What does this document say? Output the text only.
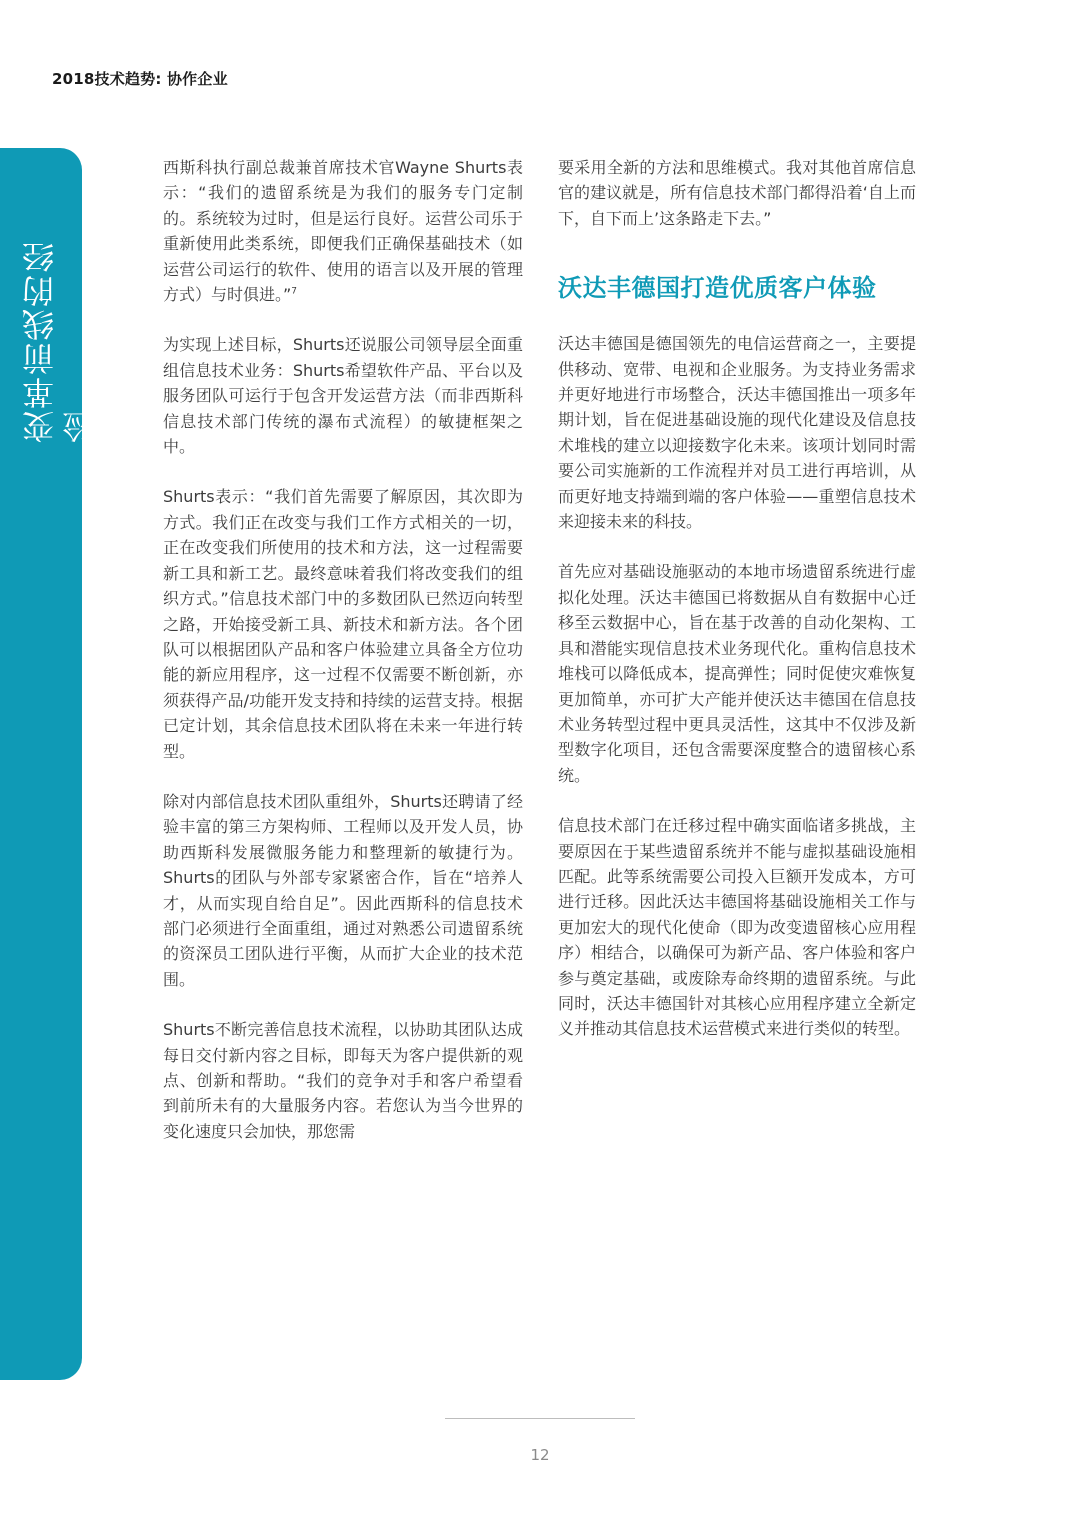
2018技术趋势: 协作企业
变革前线的经验

西斯科执行副总裁兼首席技术官Wayne Shurts表示：“我们的遗留系统是为我们的服务专门定制的。系统较为过时，但是运行良好。运营公司乐于重新使用此类系统，即便我们正确保基础技术（如运营公司运行的软件、使用的语言以及开展的管理方式）与时俱进。”$^7$

为实现上述目标，Shurts还说服公司领导层全面重组信息技术业务：Shurts希望软件产品、平台以及服务团队可运行于包含开发运营方法（而非西斯科信息技术部门传统的瀑布式流程）的敏捷框架之中。

Shurts表示：“我们首先需要了解原因，其次即为方式。我们正在改变与我们工作方式相关的一切，正在改变我们所使用的技术和方法，这一过程需要新工具和新工艺。最终意味着我们将改变我们的组织方式。”信息技术部门中的多数团队已然迈向转型之路，开始接受新工具、新技术和新方法。各个团队可以根据团队产品和客户体验建立具备全方位功能的新应用程序，这一过程不仅需要不断创新，亦须获得产品/功能开发支持和持续的运营支持。根据已定计划，其余信息技术团队将在未来一年进行转型。

除对内部信息技术团队重组外，Shurts还聘请了经验丰富的第三方架构师、工程师以及开发人员，协助西斯科发展微服务能力和整理新的敏捷行为。Shurts的团队与外部专家紧密合作，旨在“培养人才，从而实现自给自足”。因此西斯科的信息技术部门必须进行全面重组，通过对熟悉公司遗留系统的资深员工团队进行平衡，从而扩大企业的技术范围。

Shurts不断完善信息技术流程，以协助其团队达成每日交付新内容之目标，即每天为客户提供新的观点、创新和帮助。“我们的竞争对手和客户希望看到前所未有的大量服务内容。若您认为当今世界的变化速度只会加快，那您需

要采用全新的方法和思维模式。我对其他首席信息官的建议就是，所有信息技术部门都得沿着‘自上而下，自下而上’这条路走下去。”

沃达丰德国打造优质客户体验

沃达丰德国是德国领先的电信运营商之一，主要提供移动、宽带、电视和企业服务。为支持业务需求并更好地进行市场整合，沃达丰德国推出一项多年期计划，旨在促进基础设施的现代化建设及信息技术堆栈的建立以迎接数字化未来。该项计划同时需要公司实施新的工作流程并对员工进行再培训，从而更好地支持端到端的客户体验——重塑信息技术来迎接未来的科技。

首先应对基础设施驱动的本地市场遗留系统进行虚拟化处理。沃达丰德国已将数据从自有数据中心迁移至云数据中心，旨在基于改善的自动化架构、工具和潜能实现信息技术业务现代化。重构信息技术堆栈可以降低成本，提高弹性；同时促使灾难恢复更加简单，亦可扩大产能并使沃达丰德国在信息技术业务转型过程中更具灵活性，这其中不仅涉及新型数字化项目，还包含需要深度整合的遗留核心系统。

信息技术部门在迁移过程中确实面临诸多挑战，主要原因在于某些遗留系统并不能与虚拟基础设施相匹配。此等系统需要公司投入巨额开发成本，方可进行迁移。因此沃达丰德国将基础设施相关工作与更加宏大的现代化使命（即为改变遗留核心应用程序）相结合，以确保可为新产品、客户体验和客户参与奠定基础，或废除寿命终期的遗留系统。与此同时，沃达丰德国针对其核心应用程序建立全新定义并推动其信息技术运营模式来进行类似的转型。

12
